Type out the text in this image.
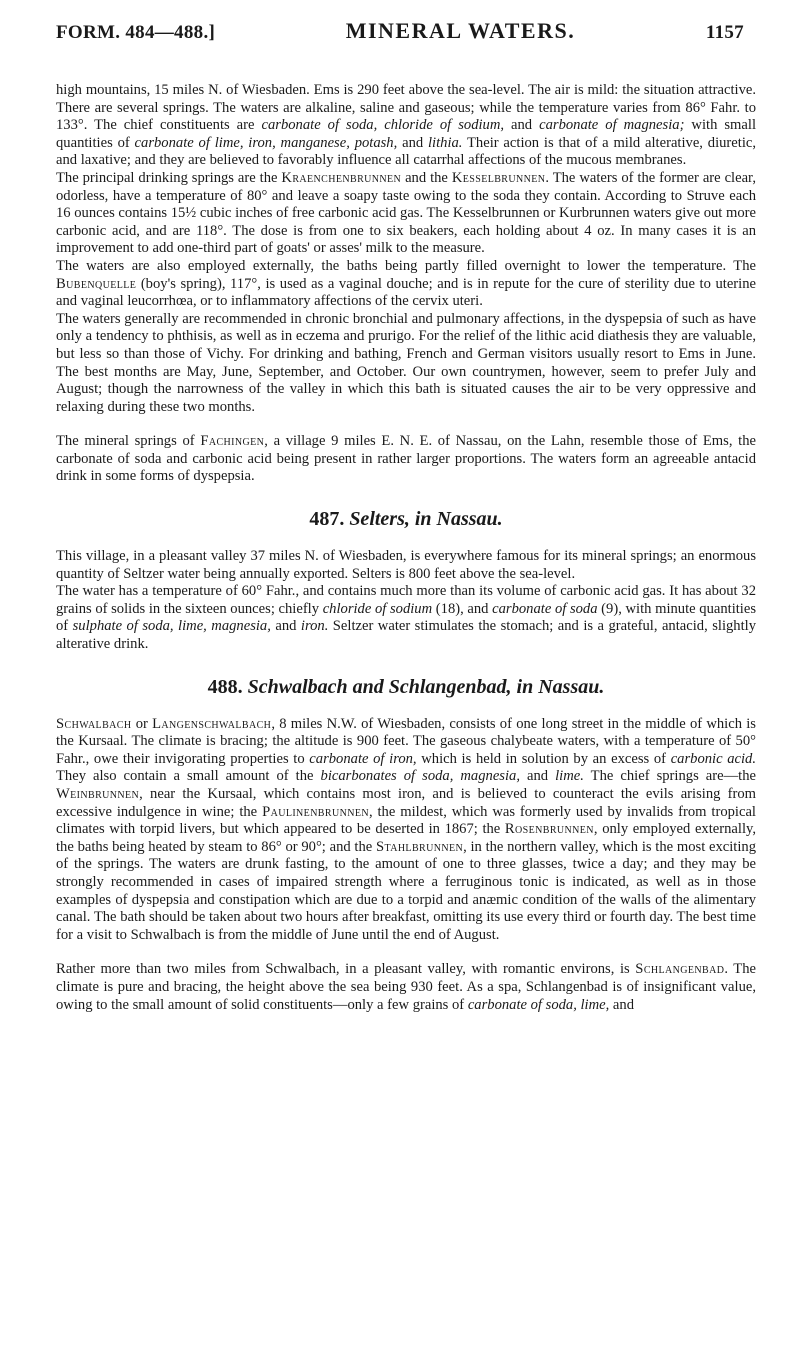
FORM. 484—488.]	MINERAL WATERS.	1157

high mountains, 15 miles N. of Wiesbaden. Ems is 290 feet above the sea-level. The air is mild: the situation attractive. There are several springs. The waters are alkaline, saline and gaseous; while the temperature varies from 86° Fahr. to 133°. The chief constituents are carbonate of soda, chloride of sodium, and carbonate of magnesia; with small quantities of carbonate of lime, iron, manganese, potash, and lithia. Their action is that of a mild alterative, diuretic, and laxative; and they are believed to favorably influence all catarrhal affections of the mucous membranes.

The principal drinking springs are the Kraenchenbrunnen and the Kesselbrunnen. The waters of the former are clear, odorless, have a temperature of 80° and leave a soapy taste owing to the soda they contain. According to Struve each 16 ounces contains 15½ cubic inches of free carbonic acid gas. The Kesselbrunnen or Kurbrunnen waters give out more carbonic acid, and are 118°. The dose is from one to six beakers, each holding about 4 oz. In many cases it is an improvement to add one-third part of goats' or asses' milk to the measure.

The waters are also employed externally, the baths being partly filled overnight to lower the temperature. The Bubenquelle (boy's spring), 117°, is used as a vaginal douche; and is in repute for the cure of sterility due to uterine and vaginal leucorrhœa, or to inflammatory affections of the cervix uteri.

The waters generally are recommended in chronic bronchial and pulmonary affections, in the dyspepsia of such as have only a tendency to phthisis, as well as in eczema and prurigo. For the relief of the lithic acid diathesis they are valuable, but less so than those of Vichy. For drinking and bathing, French and German visitors usually resort to Ems in June. The best months are May, June, September, and October. Our own countrymen, however, seem to prefer July and August; though the narrowness of the valley in which this bath is situated causes the air to be very oppressive and relaxing during these two months.

The mineral springs of Fachingen, a village 9 miles E. N. E. of Nassau, on the Lahn, resemble those of Ems, the carbonate of soda and carbonic acid being present in rather larger proportions. The waters form an agreeable antacid drink in some forms of dyspepsia.

487. Selters, in Nassau.

This village, in a pleasant valley 37 miles N. of Wiesbaden, is everywhere famous for its mineral springs; an enormous quantity of Seltzer water being annually exported. Selters is 800 feet above the sea-level.

The water has a temperature of 60° Fahr., and contains much more than its volume of carbonic acid gas. It has about 32 grains of solids in the sixteen ounces; chiefly chloride of sodium (18), and carbonate of soda (9), with minute quantities of sulphate of soda, lime, magnesia, and iron. Seltzer water stimulates the stomach; and is a grateful, antacid, slightly alterative drink.

488. Schwalbach and Schlangenbad, in Nassau.

Schwalbach or Langenschwalbach, 8 miles N.W. of Wiesbaden, consists of one long street in the middle of which is the Kursaal. The climate is bracing; the altitude is 900 feet. The gaseous chalybeate waters, with a temperature of 50° Fahr., owe their invigorating properties to carbonate of iron, which is held in solution by an excess of carbonic acid. They also contain a small amount of the bicarbonates of soda, magnesia, and lime. The chief springs are—the Weinbrunnen, near the Kursaal, which contains most iron, and is believed to counteract the evils arising from excessive indulgence in wine; the Paulinenbrunnen, the mildest, which was formerly used by invalids from tropical climates with torpid livers, but which appeared to be deserted in 1867; the Rosenbrunnen, only employed externally, the baths being heated by steam to 86° or 90°; and the Stahlbrunnen, in the northern valley, which is the most exciting of the springs. The waters are drunk fasting, to the amount of one to three glasses, twice a day; and they may be strongly recommended in cases of impaired strength where a ferruginous tonic is indicated, as well as in those examples of dyspepsia and constipation which are due to a torpid and anæmic condition of the walls of the alimentary canal. The bath should be taken about two hours after breakfast, omitting its use every third or fourth day. The best time for a visit to Schwalbach is from the middle of June until the end of August.

Rather more than two miles from Schwalbach, in a pleasant valley, with romantic environs, is Schlangenbad. The climate is pure and bracing, the height above the sea being 930 feet. As a spa, Schlangenbad is of insignificant value, owing to the small amount of solid constituents—only a few grains of carbonate of soda, lime, and
